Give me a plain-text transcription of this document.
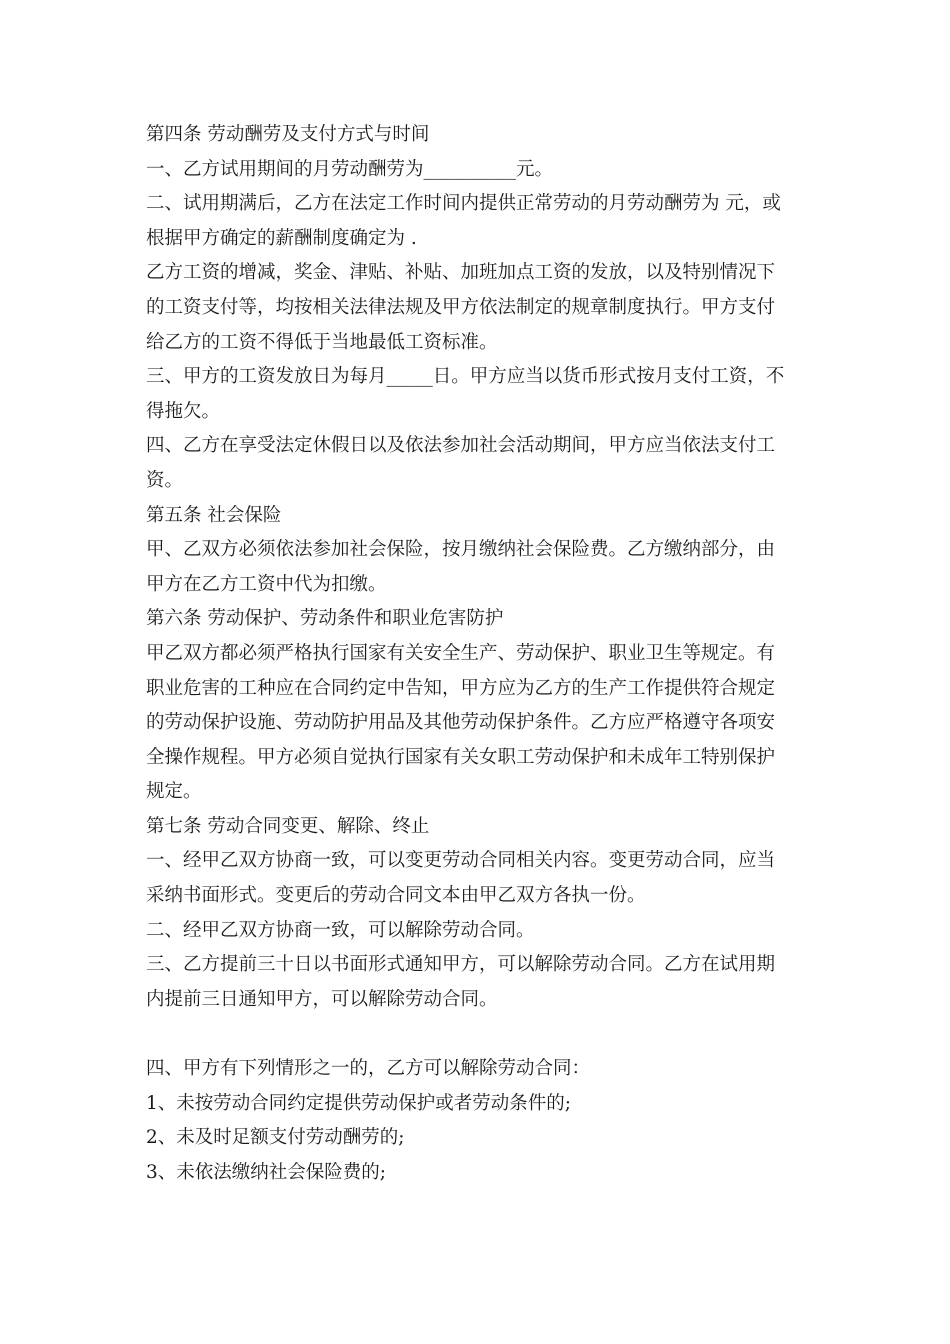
第四条 劳动酬劳及支付方式与时间
一、乙方试用期间的月劳动酬劳为__________元。
二、试用期满后，乙方在法定工作时间内提供正常劳动的月劳动酬劳为 元，或
根据甲方确定的薪酬制度确定为 .
乙方工资的增减，奖金、津贴、补贴、加班加点工资的发放，以及特别情况下
的工资支付等，均按相关法律法规及甲方依法制定的规章制度执行。甲方支付
给乙方的工资不得低于当地最低工资标准。
三、甲方的工资发放日为每月_____日。甲方应当以货币形式按月支付工资，不
得拖欠。
四、乙方在享受法定休假日以及依法参加社会活动期间，甲方应当依法支付工
资。
第五条 社会保险
甲、乙双方必须依法参加社会保险，按月缴纳社会保险费。乙方缴纳部分，由
甲方在乙方工资中代为扣缴。
第六条 劳动保护、劳动条件和职业危害防护
甲乙双方都必须严格执行国家有关安全生产、劳动保护、职业卫生等规定。有
职业危害的工种应在合同约定中告知，甲方应为乙方的生产工作提供符合规定
的劳动保护设施、劳动防护用品及其他劳动保护条件。乙方应严格遵守各项安
全操作规程。甲方必须自觉执行国家有关女职工劳动保护和未成年工特别保护
规定。
第七条 劳动合同变更、解除、终止
一、经甲乙双方协商一致，可以变更劳动合同相关内容。变更劳动合同，应当
采纳书面形式。变更后的劳动合同文本由甲乙双方各执一份。
二、经甲乙双方协商一致，可以解除劳动合同。
三、乙方提前三十日以书面形式通知甲方，可以解除劳动合同。乙方在试用期
内提前三日通知甲方，可以解除劳动合同。
四、甲方有下列情形之一的，乙方可以解除劳动合同：
1、未按劳动合同约定提供劳动保护或者劳动条件的;
2、未及时足额支付劳动酬劳的;
3、未依法缴纳社会保险费的;
